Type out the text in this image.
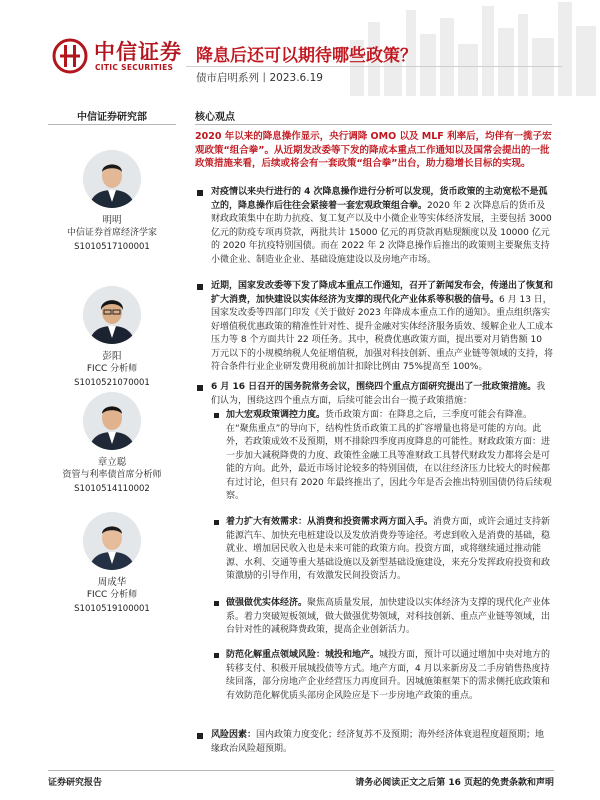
中信证券
CITIC SECURITIES
降息后还可以期待哪些政策？
债市启明系列丨2023.6.19
中信证券研究部	核心观点
明明
中信证券首席经济学家
S1010517100001
彭阳
FICC 分析师
S1010521070001
章立聪
资管与利率债首席分析师
S1010514110002
周成华
FICC 分析师
S1010519100001
2020 年以来的降息操作显示，央行调降 OMO 以及 MLF 利率后，均伴有一揽子宏观政策“组合拳”。从近期发改委等下发的降成本重点工作通知以及国常会提出的一批政策措施来看，后续或将会有一套政策“组合拳”出台，助力稳增长目标的实现。
对疫情以来央行进行的 4 次降息操作进行分析可以发现，货币政策的主动宽松不是孤立的，降息操作后往往会紧接着一套宏观政策组合拳。2020 年 2 次降息后的货币及财政政策集中在助力抗疫、复工复产以及中小微企业等实体经济发展，主要包括 3000 亿元的防疫专项再贷款，两批共计 15000 亿元的再贷款再贴现额度以及 10000 亿元的 2020 年抗疫特别国债。而在 2022 年 2 次降息操作后推出的政策则主要聚焦支持小微企业、制造业企业、基础设施建设以及房地产市场。
近期，国家发改委等下发了降成本重点工作通知，召开了新闻发布会，传递出了恢复和扩大消费，加快建设以实体经济为支撑的现代化产业体系等积极的信号。6 月 13 日，国家发改委等四部门印发《关于做好 2023 年降成本重点工作的通知》。重点组织落实好增值税优惠政策的精准性针对性、提升金融对实体经济服务质效、缓解企业人工成本压力等 8 个方面共计 22 项任务。其中，税费优惠政策方面，提出要对月销售额 10 万元以下的小规模纳税人免征增值税，加强对科技创新、重点产业链等领域的支持，将符合条件行业企业研发费用税前加计扣除比例由 75%提高至 100%。
6 月 16 日召开的国务院常务会议，围绕四个重点方面研究提出了一批政策措施。我们认为，围绕这四个重点方面，后续可能会出台一揽子政策措施：
加大宏观政策调控力度。货币政策方面：在降息之后，三季度可能会有降准。在“聚焦重点”的导向下，结构性货币政策工具的扩容增量也将是可能的方向。此外，若政策成效不及预期，则不排除四季度再度降息的可能性。财政政策方面：进一步加大减税降费的力度、政策性金融工具等准财政工具替代财政发力都将会是可能的方向。此外，最近市场讨论较多的特别国债，在以往经济压力比较大的时候都有过讨论，但只有 2020 年最终推出了，因此今年是否会推出特别国债仍待后续观察。
着力扩大有效需求：从消费和投资需求两方面入手。消费方面，或许会通过支持新能源汽车、加快充电桩建设以及发放消费券等途径。考虑到收入是消费的基础，稳就业、增加居民收入也是未来可能的政策方向。投资方面，或将继续通过推动能源、水利、交通等重大基础设施以及新型基础设施建设，来充分发挥政府投资和政策激励的引导作用，有效激发民间投资活力。
做强做优实体经济。聚焦高质量发展，加快建设以实体经济为支撑的现代化产业体系。着力突破短板领域，做大做强优势领域，对科技创新、重点产业链等领域，出台针对性的减税降费政策，提高企业创新活力。
防范化解重点领域风险：城投和地产。城投方面，预计可以通过增加中央对地方的转移支付、积极开展城投债等方式。地产方面，4 月以来新房及二手房销售热度持续回落，部分房地产企业经营压力再度回升。因城施策框架下的需求侧托底政策和有效防范化解优质头部房企风险应是下一步房地产政策的重点。
风险因素：国内政策力度变化；经济复苏不及预期；海外经济体衰退程度超预期；地缘政治风险超预期。
证券研究报告	请务必阅读正文之后第 16 页起的免责条款和声明
